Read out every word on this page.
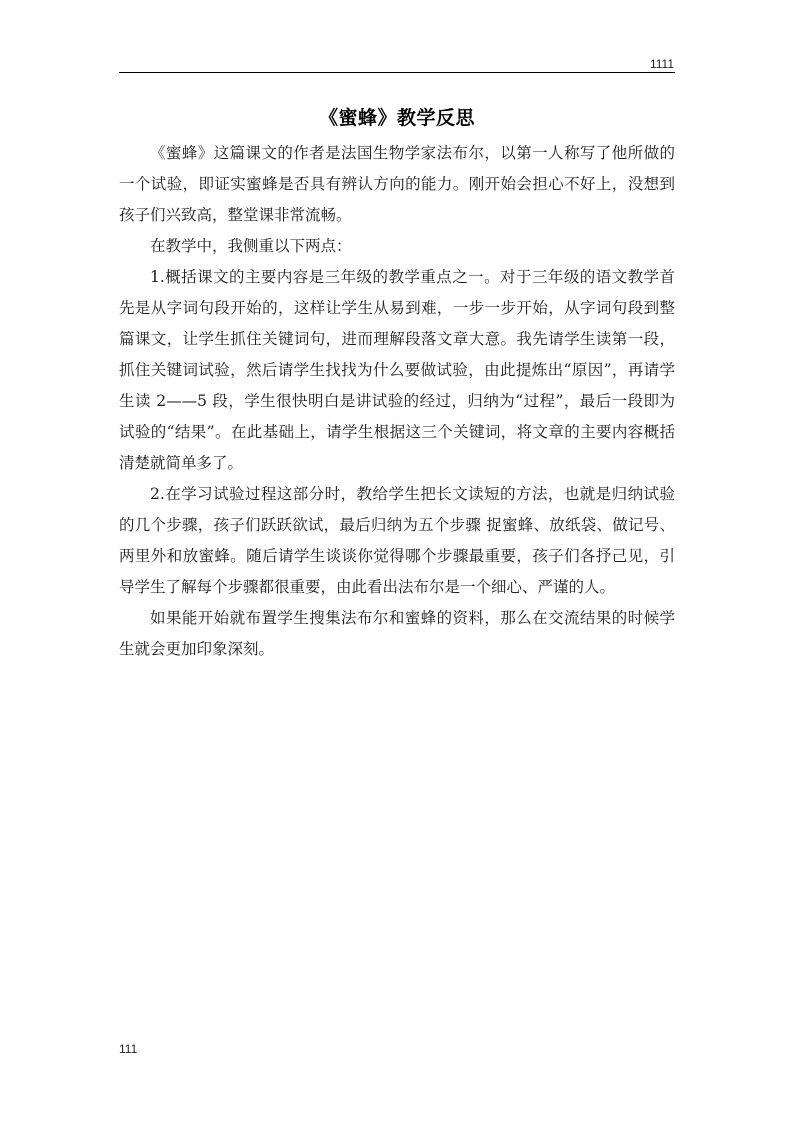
1111
《蜜蜂》教学反思

《蜜蜂》这篇课文的作者是法国生物学家法布尔，以第一人称写了他所做的一个试验，即证实蜜蜂是否具有辨认方向的能力。刚开始会担心不好上，没想到孩子们兴致高，整堂课非常流畅。

在教学中，我侧重以下两点：

1.概括课文的主要内容是三年级的教学重点之一。对于三年级的语文教学首先是从字词句段开始的，这样让学生从易到难，一步一步开始，从字词句段到整篇课文，让学生抓住关键词句，进而理解段落文章大意。我先请学生读第一段，抓住关键词试验，然后请学生找找为什么要做试验，由此提炼出“原因”，再请学生读 2——5 段，学生很快明白是讲试验的经过，归纳为“过程”，最后一段即为试验的“结果”。在此基础上，请学生根据这三个关键词，将文章的主要内容概括清楚就简单多了。

2.在学习试验过程这部分时，教给学生把长文读短的方法，也就是归纳试验的几个步骤，孩子们跃跃欲试，最后归纳为五个步骤 捉蜜蜂、放纸袋、做记号、两里外和放蜜蜂。随后请学生谈谈你觉得哪个步骤最重要，孩子们各抒己见，引导学生了解每个步骤都很重要，由此看出法布尔是一个细心、严谨的人。

如果能开始就布置学生搜集法布尔和蜜蜂的资料，那么在交流结果的时候学生就会更加印象深刻。

111
